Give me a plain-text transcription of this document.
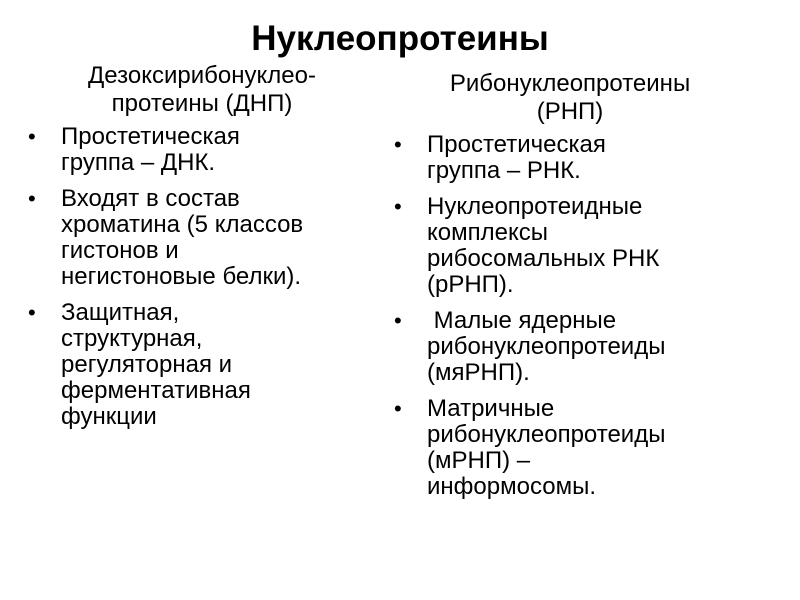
Нуклеопротеины
Дезоксирибонуклео-
протеины (ДНП)
• Простетическая
группа – ДНК.
• Входят в состав
хроматина (5 классов
гистонов и
негистоновые белки).
• Защитная,
структурная,
регуляторная и
ферментативная
функции
Рибонуклеопротеины
(РНП)
• Простетическая
группа – РНК.
• Нуклеопротеидные
комплексы
рибосомальных РНК
(рРНП).
• Малые ядерные
рибонуклеопротеиды
(мяРНП).
• Матричные
рибонуклеопротеиды
(мРНП) –
информосомы.
